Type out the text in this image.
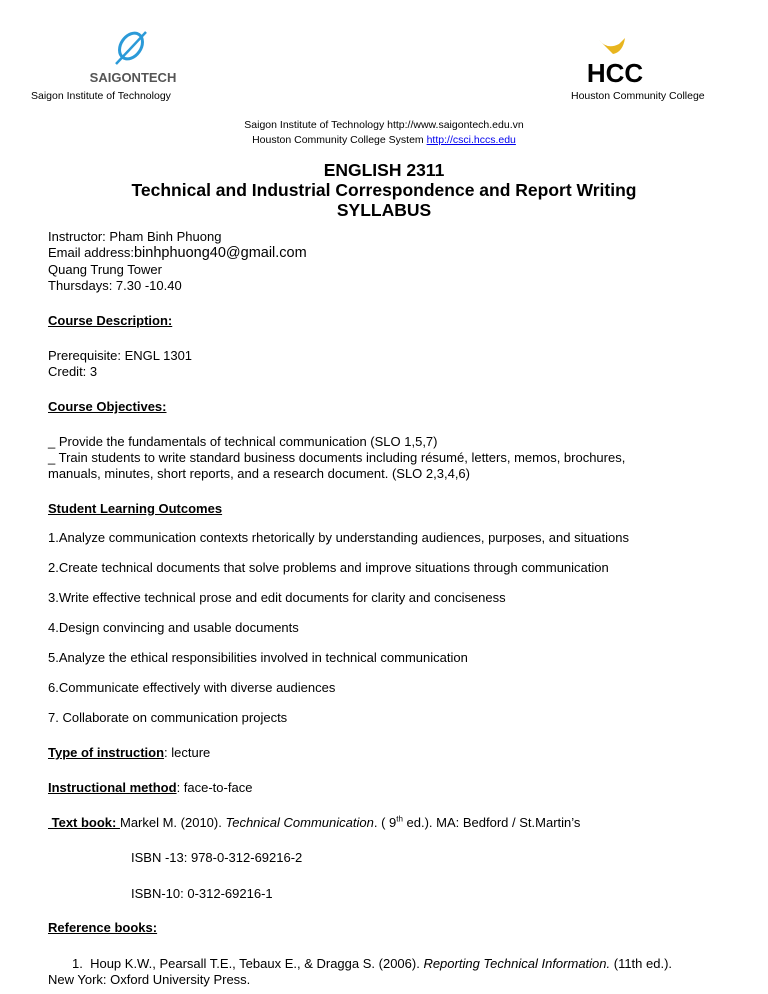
SAIGONTECH
Saigon Institute of Technology
HCC
Houston Community College
Saigon Institute of Technology http://www.saigontech.edu.vn
Houston Community College System http://csci.hccs.edu
ENGLISH 2311
Technical and Industrial Correspondence and Report Writing
SYLLABUS
Instructor: Pham Binh Phuong
Email address:binhphuong40@gmail.com
Quang Trung Tower
Thursdays: 7.30 -10.40
Course Description:
Prerequisite: ENGL 1301
Credit: 3
Course Objectives:
_ Provide the fundamentals of technical communication (SLO 1,5,7)
_ Train students to write standard business documents including résumé, letters, memos, brochures,
manuals, minutes, short reports, and a research document. (SLO 2,3,4,6)
Student Learning Outcomes
1.Analyze communication contexts rhetorically by understanding audiences, purposes, and situations
2.Create technical documents that solve problems and improve situations through communication
3.Write effective technical prose and edit documents for clarity and conciseness
4.Design convincing and usable documents
5.Analyze the ethical responsibilities involved in technical communication
6.Communicate effectively with diverse audiences
7. Collaborate on communication projects
Type of instruction: lecture
Instructional method: face-to-face
Text book: Markel M. (2010). Technical Communication. ( 9th ed.). MA: Bedford / St.Martin’s
ISBN -13: 978-0-312-69216-2
ISBN-10: 0-312-69216-1
Reference books:
1. Houp K.W., Pearsall T.E., Tebaux E., & Dragga S. (2006). Reporting Technical Information. (11th ed.).
New York: Oxford University Press.
